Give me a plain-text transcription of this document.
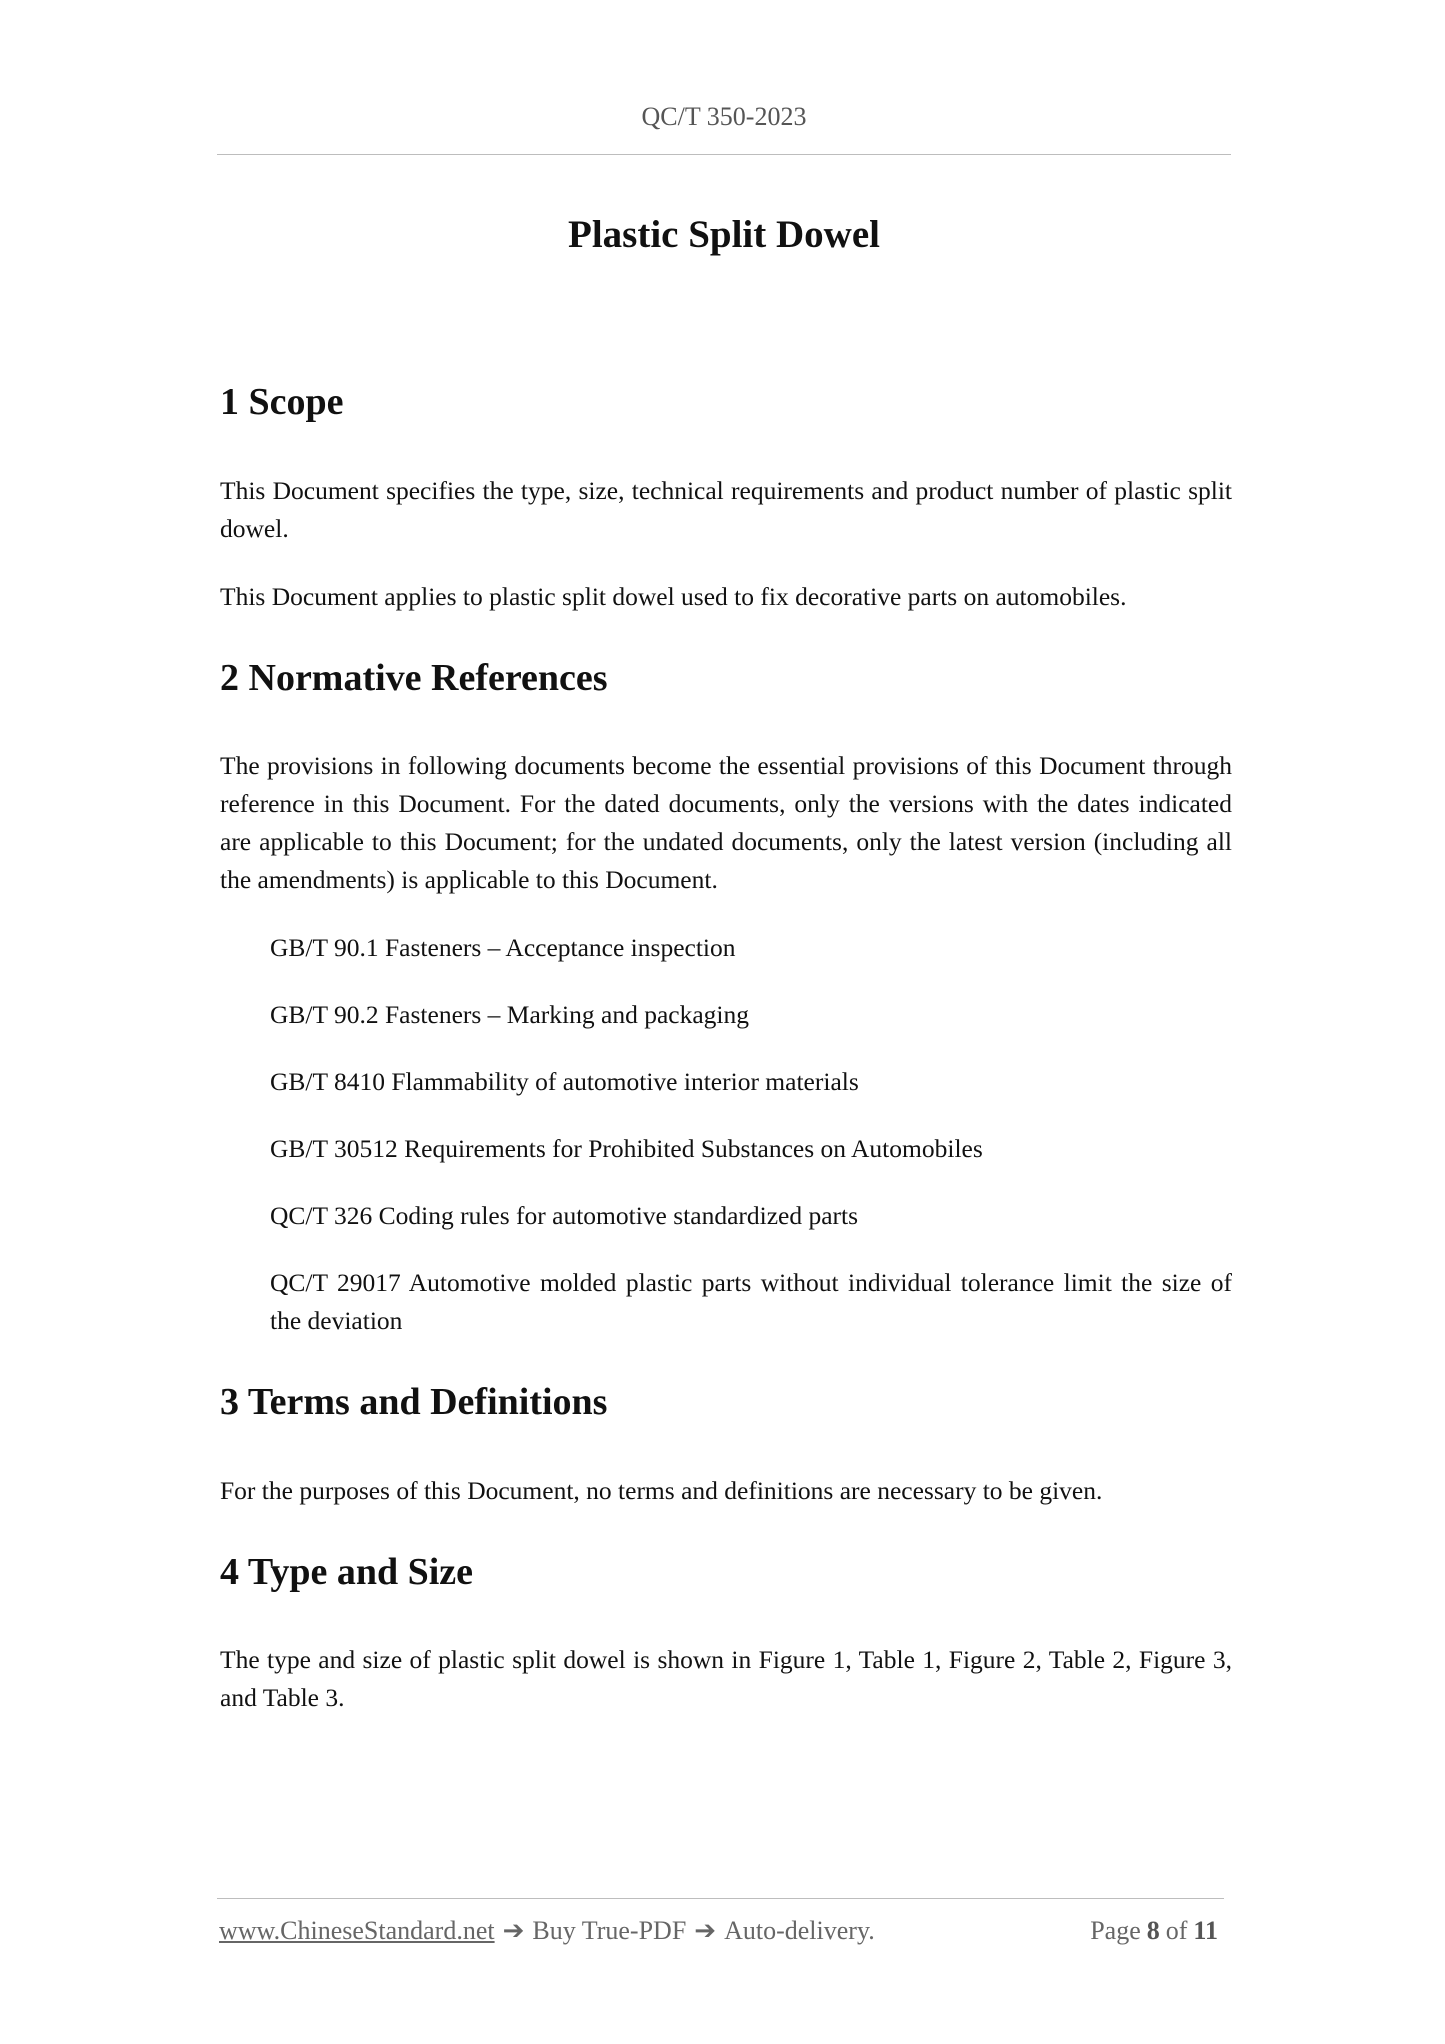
QC/T 350-2023
Plastic Split Dowel
1 Scope

This Document specifies the type, size, technical requirements and product number of plastic split dowel.

This Document applies to plastic split dowel used to fix decorative parts on automobiles.

2 Normative References

The provisions in following documents become the essential provisions of this Document through reference in this Document. For the dated documents, only the versions with the dates indicated are applicable to this Document; for the undated documents, only the latest version (including all the amendments) is applicable to this Document.

GB/T 90.1 Fasteners – Acceptance inspection

GB/T 90.2 Fasteners – Marking and packaging

GB/T 8410 Flammability of automotive interior materials

GB/T 30512 Requirements for Prohibited Substances on Automobiles

QC/T 326 Coding rules for automotive standardized parts

QC/T 29017 Automotive molded plastic parts without individual tolerance limit the size of the deviation

3 Terms and Definitions

For the purposes of this Document, no terms and definitions are necessary to be given.

4 Type and Size

The type and size of plastic split dowel is shown in Figure 1, Table 1, Figure 2, Table 2, Figure 3, and Table 3.

www.ChineseStandard.net ➔ Buy True-PDF ➔ Auto-delivery.	Page 8 of 11
